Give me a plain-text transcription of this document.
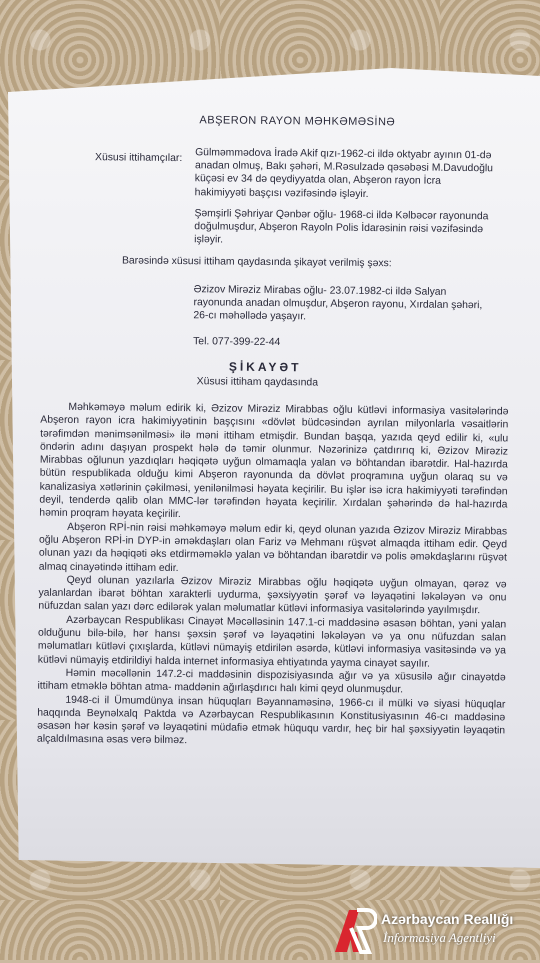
ABŞERON RAYON MƏHKƏMƏSİNƏ
Xüsusi ittihamçılar: Gülməmmədova İradə Akif qızı-1962-ci ildə oktyabr ayının 01-də anadan olmuş, Bakı şəhəri, M.Rəsulzadə qəsəbəsi M.Davudoğlu küçəsi ev 34 də qeydiyyatda olan, Abşeron rayon İcra hakimiyyəti başçısı vəzifəsində işləyir.

Şəmşirli Şəhriyar Qənbər oğlu- 1968-ci ildə Kəlbəcər rayonunda doğulmuşdur, Abşeron Rayoln Polis İdarəsinin rəisi vəzifəsində işləyir.

Barəsində xüsusi ittiham qaydasında şikayət verilmiş şəxs:
Əzizov Mirəziz Mirabas oğlu- 23.07.1982-ci ildə Salyan rayonunda anadan olmuşdur, Abşeron rayonu, Xırdalan şəhəri, 26-cı məhəllədə yaşayır.
Tel. 077-399-22-44
ŞİKAYƏT
Xüsusi ittiham qaydasında

Məhkəməyə məlum edirik ki, Əzizov Mirəziz Mirabbas oğlu kütləvi informasiya vasitələrində Abşeron rayon icra hakimiyyətinin başçısını «dövlət büdcəsindən ayrılan milyonlarla vəsaitlərin tərəfimdən mənimsənilməsi» ilə məni ittiham etmişdir. Bundan başqa, yazıda qeyd edilir ki, «ulu öndərin adını daşıyan prospekt hələ də təmir olunmur. Nəzərinizə çatdırırıq ki, Əzizov Mirəziz Mirabbas oğlunun yazdıqları həqiqətə uyğun olmamaqla yalan və böhtandan ibarətdir. Hal-hazırda bütün respublikada olduğu kimi Abşeron rayonunda da dövlət proqramına uyğun olaraq su və kanalizasiya xətlərinin çəkilməsi, yenilənilməsi həyata keçirilir. Bu işlər isə icra hakimiyyəti tərəfindən deyil, tenderdə qalib olan MMC-lər tərəfindən həyata keçirilir. Xırdalan şəhərində də hal-hazırda həmin proqram həyata keçirilir.

Abşeron RPİ-nin rəisi məhkəməyə məlum edir ki, qeyd olunan yazıda Əzizov Mirəziz Mirabbas oğlu Abşeron RPİ-in DYP-in əməkdaşları olan Fariz və Mehmanı rüşvət almaqda ittiham edir. Qeyd olunan yazı da həqiqəti əks etdirməməklə yalan və böhtandan ibarətdir və polis əməkdaşlarını rüşvət almaq cinayətində ittiham edir.

Qeyd olunan yazılarla Əzizov Mirəziz Mirabbas oğlu həqiqətə uyğun olmayan, qərəz və yalanlardan ibarət böhtan xarakterli uydurma, şəxsiyyətin şərəf və ləyaqətini ləkələyən və onu nüfuzdan salan yazı dərc edilərək yalan məlumatlar kütləvi informasiya vasitələrində yayılmışdır.

Azərbaycan Respublikası Cinayət Məcəlləsinin 147.1-ci maddəsinə əsasən böhtan, yəni yalan olduğunu bilə-bilə, hər hansı şəxsin şərəf və ləyaqətini ləkələyən və ya onu nüfuzdan salan məlumatları kütləvi çıxışlarda, kütləvi nümayiş etdirilən əsərdə, kütləvi informasiya vasitəsində və ya kütləvi nümayiş etdirildiyi halda internet informasiya ehtiyatında yayma cinayət sayılır.

Həmin məcəllənin 147.2-ci maddəsinin dispozisiyasında ağır və ya xüsusilə ağır cinayətdə ittiham etməklə böhtan atma- maddənin ağırlaşdırıcı halı kimi qeyd olunmuşdur.

1948-ci il Ümumdünya insan hüquqları Bəyannaməsinə, 1966-cı il mülki və siyasi hüquqlar haqqında Beynəlxalq Paktda və Azərbaycan Respublikasının Konstitusiyasının 46-cı maddəsinə əsasən hər kəsin şərəf və ləyaqətini müdafiə etmək hüququ vardır, heç bir hal şəxsiyyətin ləyaqətin alçaldılmasına əsas verə bilməz.

Azərbaycan Reallığı
İnformasiya Agentliyi
